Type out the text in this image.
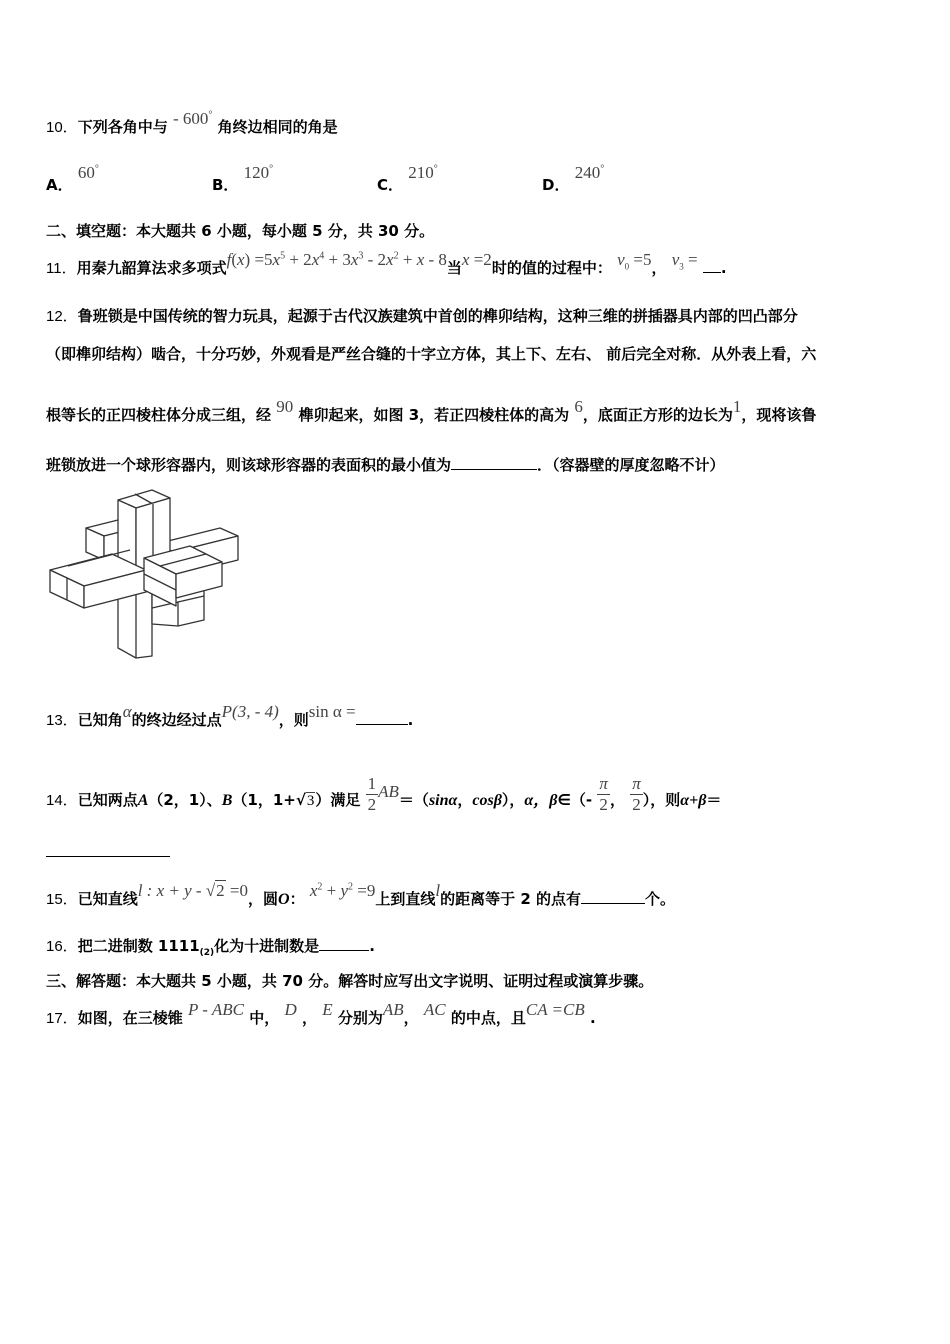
10．下列各角中与 - 600° 角终边相同的角是
A． 60°
B． 120°
C． 210°
D． 240°
二、填空题：本大题共 6 小题，每小题 5 分，共 30 分。
11．用秦九韶算法求多项式$f(x) =5x^5 + 2x^4 + 3x^3 - 2x^2 + x - 8$当x =2时的值的过程中： $v_0 =5$， $v_3$ = .
12．鲁班锁是中国传统的智力玩具，起源于古代汉族建筑中首创的榫卯结构，这种三维的拼插器具内部的凹凸部分
（即榫卯结构）啮合，十分巧妙，外观看是严丝合缝的十字立方体，其上下、左右、 前后完全对称．从外表上看，六
根等长的正四棱柱体分成三组，经 90 榫卯起来，如图 3，若正四棱柱体的高为 6，底面正方形的边长为1，现将该鲁
班锁放进一个球形容器内，则该球形容器的表面积的最小值为	．（容器壁的厚度忽略不计）
13．已知角α的终边经过点P(3, - 4)，则sin α =	.
14．已知两点A（2，1）、B（1，1+√3）满足 $\frac{1}{2} AB=(\sin\alpha$，cosβ），α，β∈（- $\frac{\pi}{2}$ ， $\frac{\pi}{2}$ ），则α+β＝
15．已知直线l : x + y - √2 =0，圆O： $x^2 + y^2 =9$上到直线l的距离等于 2 的点有	个。
16．把二进制数 $1111_{(2)}$化为十进制数是	.
三、解答题：本大题共 5 小题，共 70 分。解答时应写出文字说明、证明过程或演算步骤。
17．如图，在三棱锥 P - ABC 中， D ， E 分别为AB， AC 的中点，且CA =CB .
